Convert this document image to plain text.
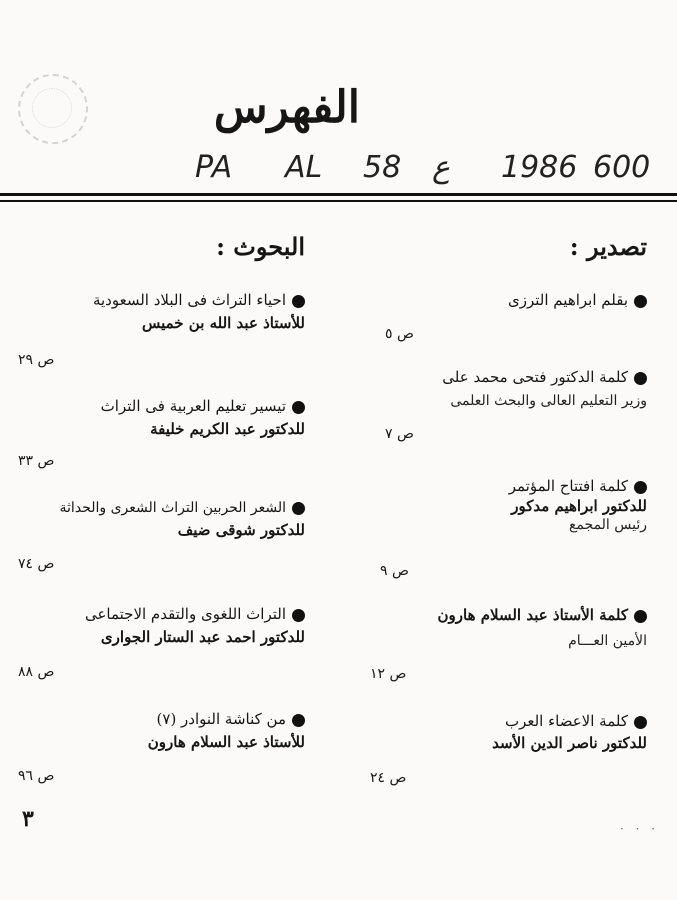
الفهرس
PA AL 58 ع 1986 600
تصدير :
البحوث :
بقلم ابراهيم الترزى
ص ٥
كلمة الدكتور فتحى محمد على
وزير التعليم العالى والبحث العلمى
ص ٧
كلمة افتتاح المؤتمر
للدكتور ابراهيم مدكور
رئيس المجمع
ص ٩
كلمة الأستاذ عبد السلام هارون
الأمين العـــام
ص ١٢
كلمة الاعضاء العرب
للدكتور ناصر الدين الأسد
ص ٢٤
احياء التراث فى البلاد السعودية
للأستاذ عبد الله بن خميس
ص ٢٩
تيسير تعليم العربية فى التراث
للدكتور عبد الكريم خليفة
ص ٣٣
الشعر الحربين التراث الشعرى والحداثة
للدكتور شوقى ضيف
ص ٧٤
التراث اللغوى والتقدم الاجتماعى
للدكتور احمد عبد الستار الجوارى
ص ٨٨
من كناشة النوادر (٧)
للأستاذ عبد السلام هارون
ص ٩٦
٣	· · ·
